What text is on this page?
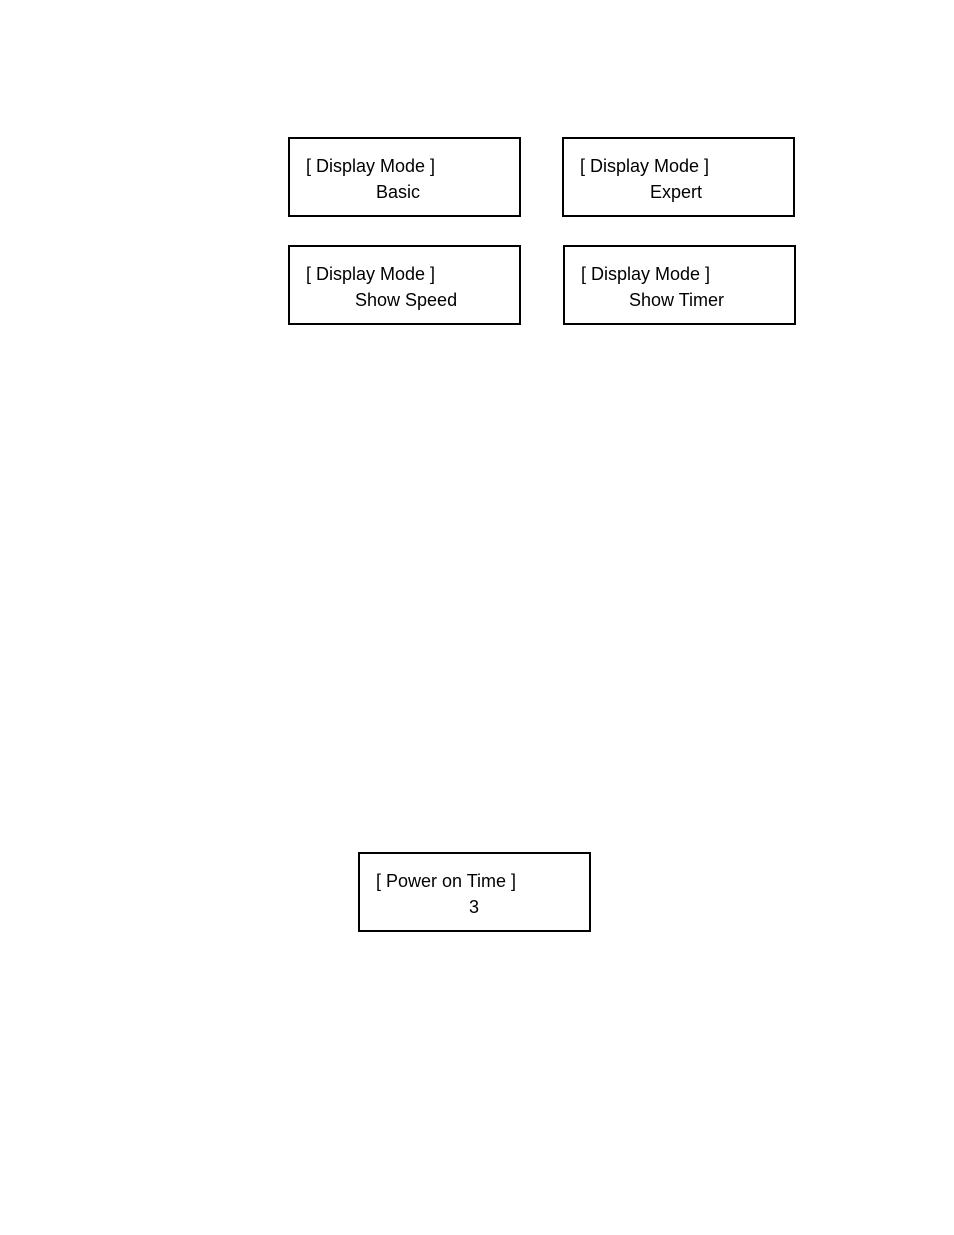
[ Display Mode ]
Basic
[ Display Mode ]
Expert
[ Display Mode ]
Show Speed
[ Display Mode ]
Show Timer
[ Power on Time ]
3
